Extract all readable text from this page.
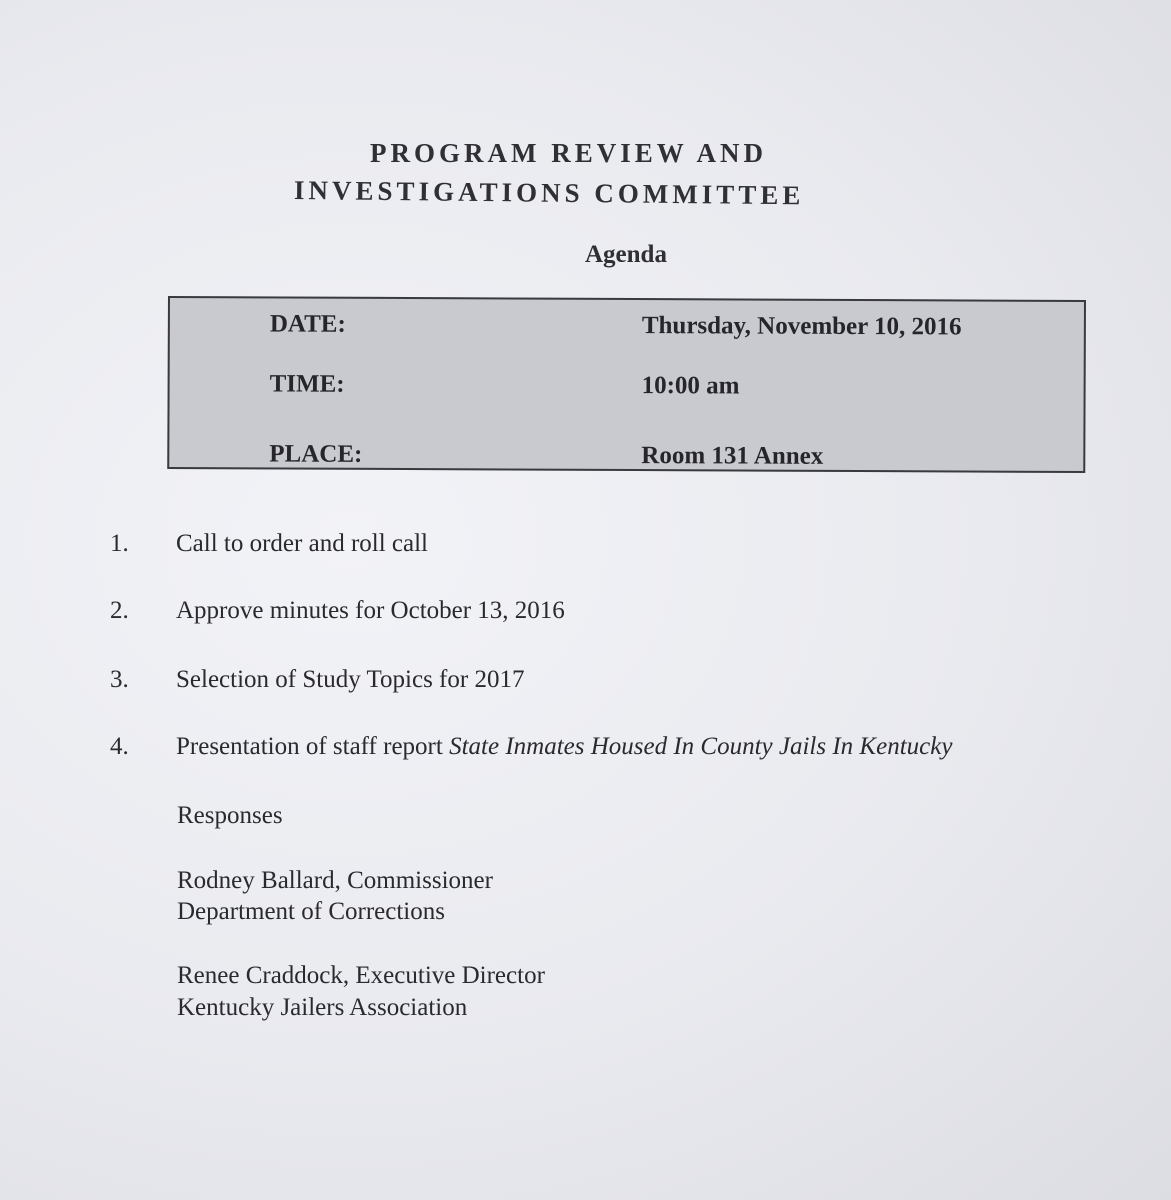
PROGRAM REVIEW AND
INVESTIGATIONS COMMITTEE
Agenda
DATE:	Thursday, November 10, 2016
TIME:	10:00 am
PLACE:	Room 131 Annex
1. Call to order and roll call
2. Approve minutes for October 13, 2016
3. Selection of Study Topics for 2017
4. Presentation of staff report State Inmates Housed In County Jails In Kentucky
Responses
Rodney Ballard, Commissioner
Department of Corrections
Renee Craddock, Executive Director
Kentucky Jailers Association
